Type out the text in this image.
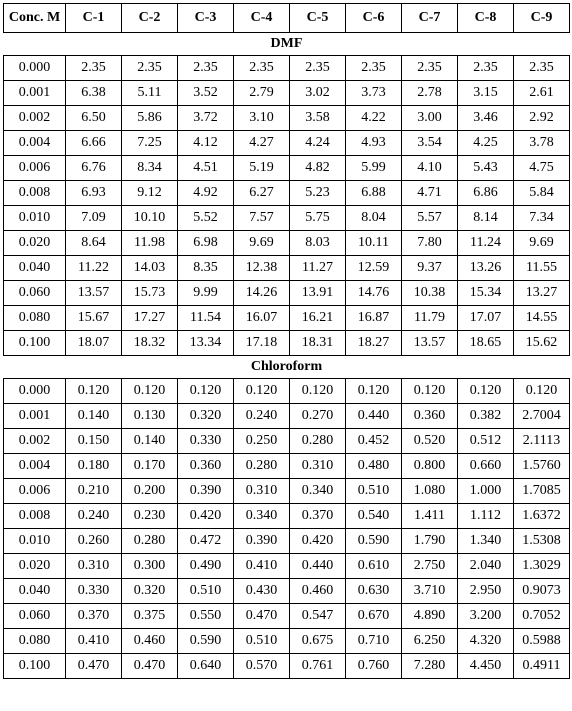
Conc. M	C-1	C-2	C-3	C-4	C-5	C-6	C-7	C-8	C-9
DMF									
0.000	2.35	2.35	2.35	2.35	2.35	2.35	2.35	2.35	2.35
0.001	6.38	5.11	3.52	2.79	3.02	3.73	2.78	3.15	2.61
0.002	6.50	5.86	3.72	3.10	3.58	4.22	3.00	3.46	2.92
0.004	6.66	7.25	4.12	4.27	4.24	4.93	3.54	4.25	3.78
0.006	6.76	8.34	4.51	5.19	4.82	5.99	4.10	5.43	4.75
0.008	6.93	9.12	4.92	6.27	5.23	6.88	4.71	6.86	5.84
0.010	7.09	10.10	5.52	7.57	5.75	8.04	5.57	8.14	7.34
0.020	8.64	11.98	6.98	9.69	8.03	10.11	7.80	11.24	9.69
0.040	11.22	14.03	8.35	12.38	11.27	12.59	9.37	13.26	11.55
0.060	13.57	15.73	9.99	14.26	13.91	14.76	10.38	15.34	13.27
0.080	15.67	17.27	11.54	16.07	16.21	16.87	11.79	17.07	14.55
0.100	18.07	18.32	13.34	17.18	18.31	18.27	13.57	18.65	15.62
Chloroform									
0.000	0.120	0.120	0.120	0.120	0.120	0.120	0.120	0.120	0.120
0.001	0.140	0.130	0.320	0.240	0.270	0.440	0.360	0.382	2.7004
0.002	0.150	0.140	0.330	0.250	0.280	0.452	0.520	0.512	2.1113
0.004	0.180	0.170	0.360	0.280	0.310	0.480	0.800	0.660	1.5760
0.006	0.210	0.200	0.390	0.310	0.340	0.510	1.080	1.000	1.7085
0.008	0.240	0.230	0.420	0.340	0.370	0.540	1.411	1.112	1.6372
0.010	0.260	0.280	0.472	0.390	0.420	0.590	1.790	1.340	1.5308
0.020	0.310	0.300	0.490	0.410	0.440	0.610	2.750	2.040	1.3029
0.040	0.330	0.320	0.510	0.430	0.460	0.630	3.710	2.950	0.9073
0.060	0.370	0.375	0.550	0.470	0.547	0.670	4.890	3.200	0.7052
0.080	0.410	0.460	0.590	0.510	0.675	0.710	6.250	4.320	0.5988
0.100	0.470	0.470	0.640	0.570	0.761	0.760	7.280	4.450	0.4911
